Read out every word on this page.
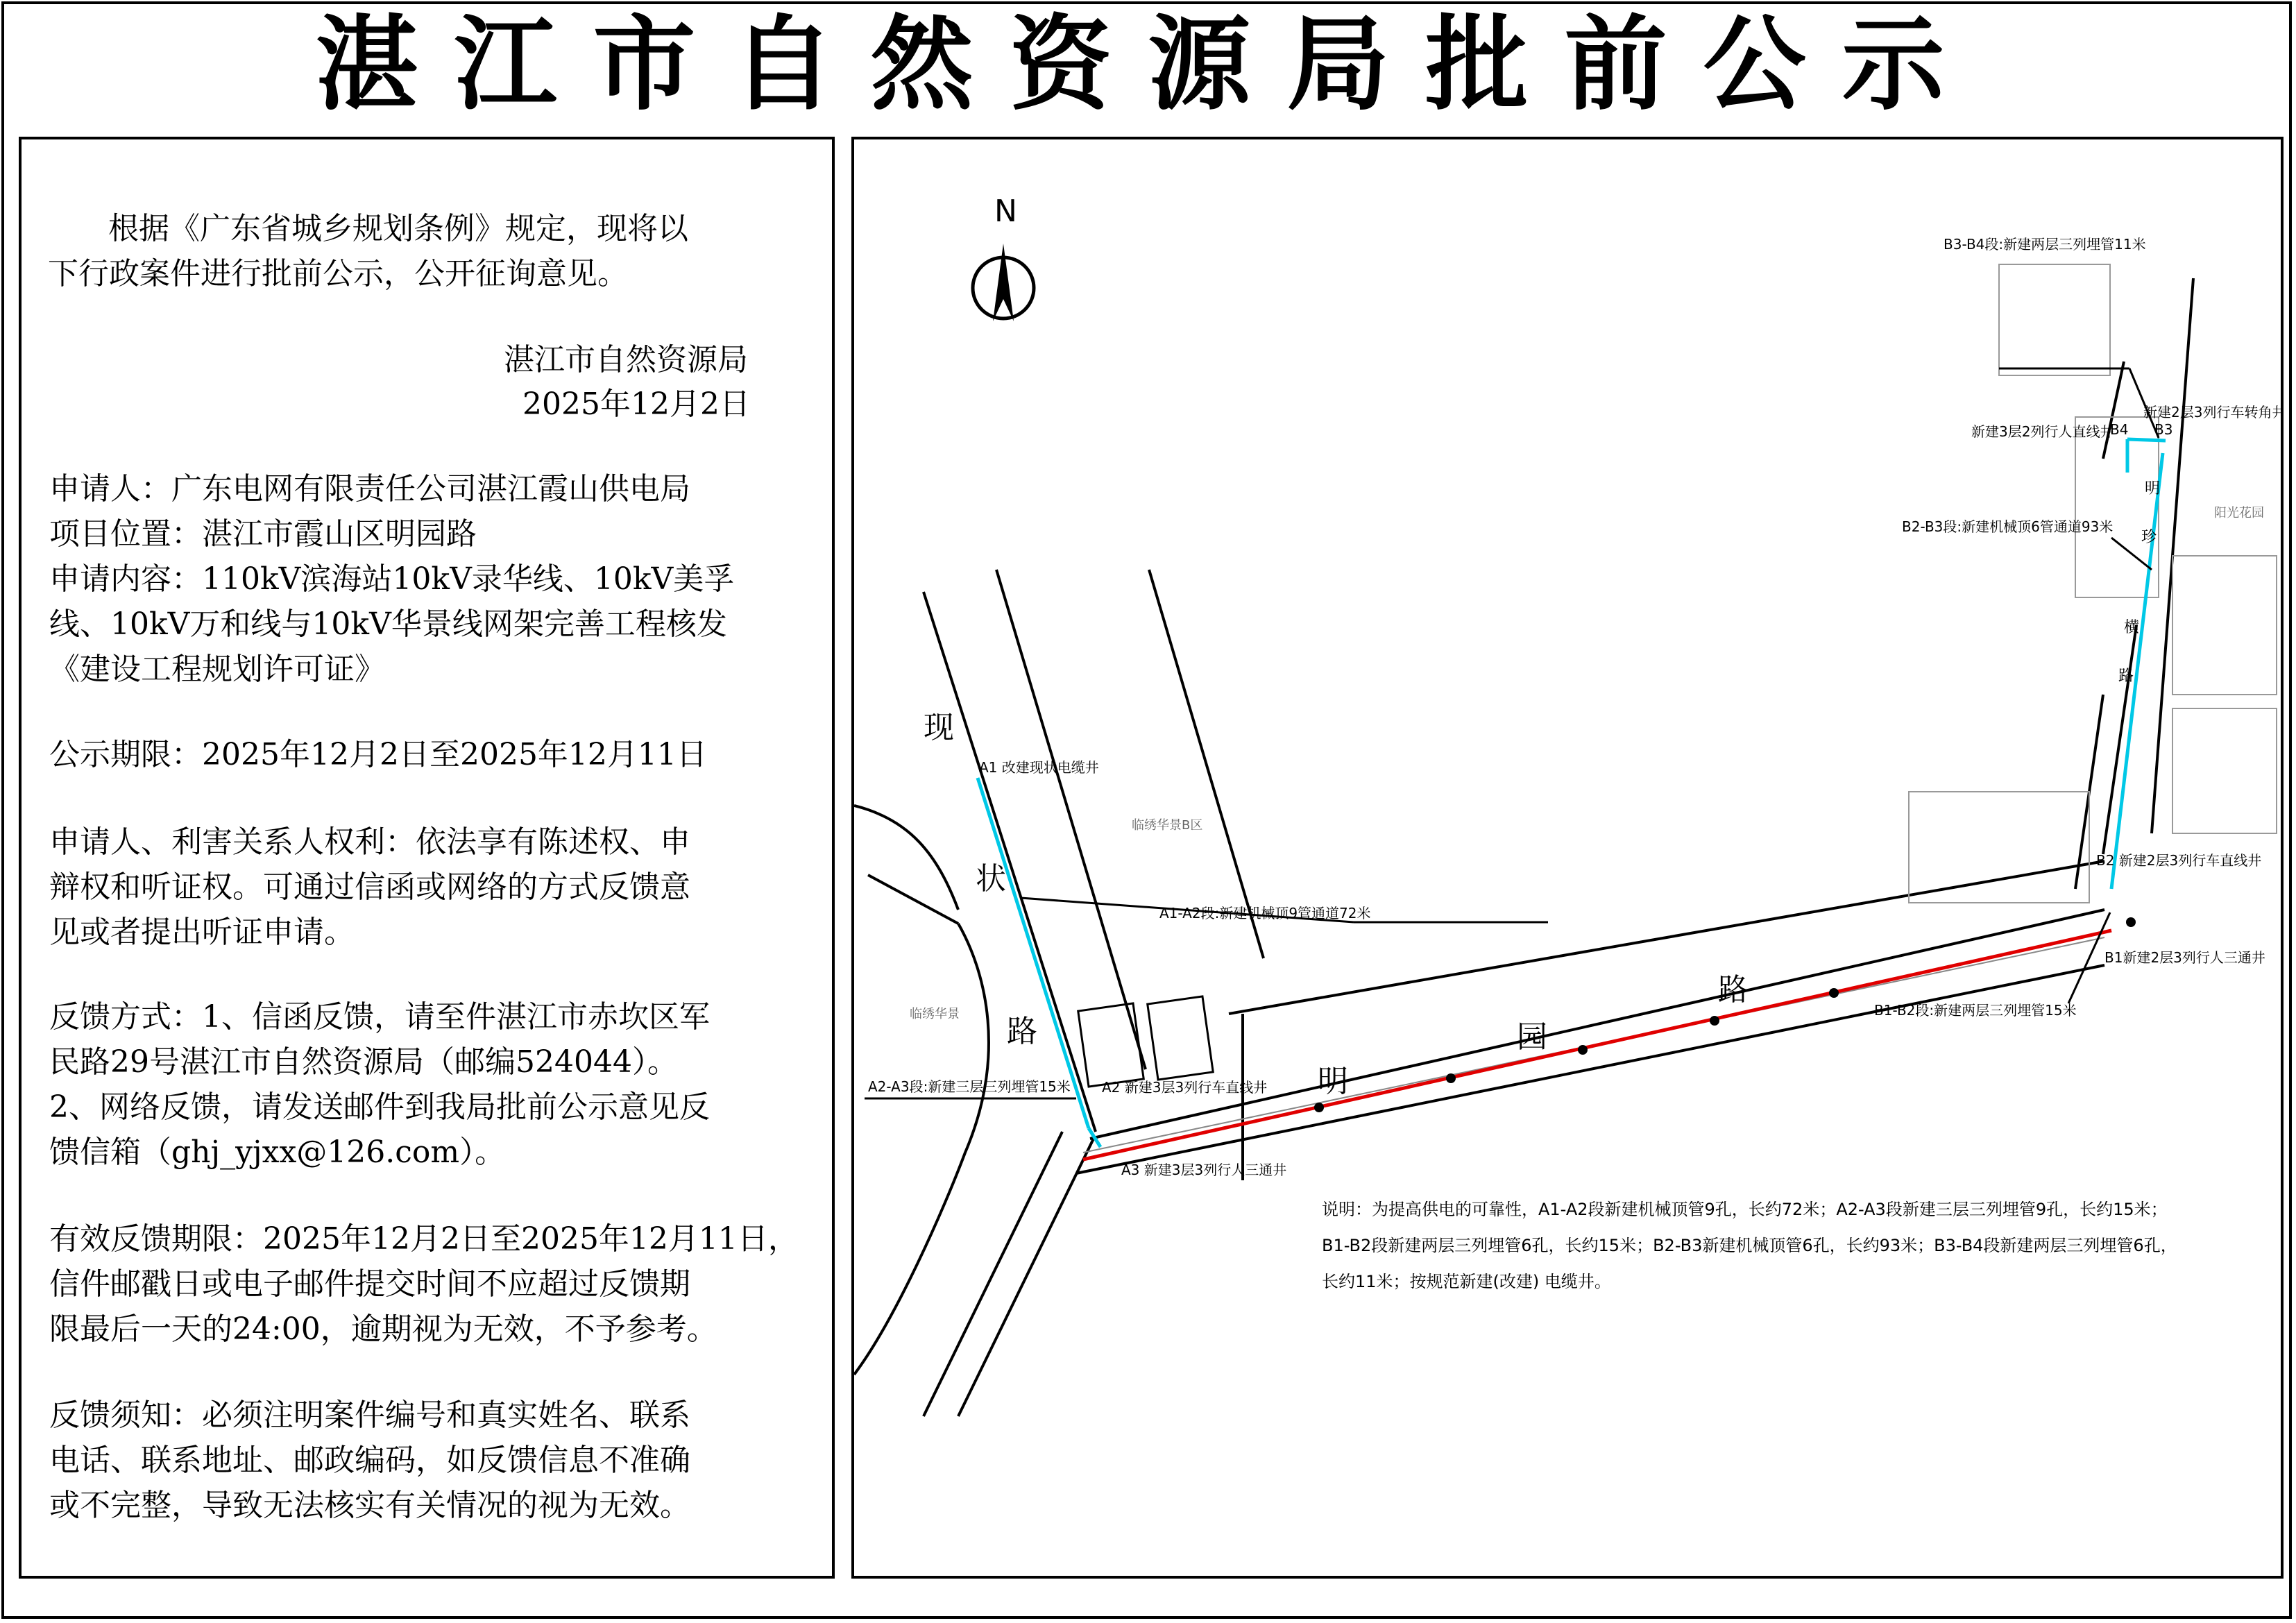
湛江市自然资源局批前公示
根据《广东省城乡规划条例》规定，现将以
下行政案件进行批前公示，公开征询意见。
湛江市自然资源局
2025年12月2日
申请人：广东电网有限责任公司湛江霞山供电局
项目位置：湛江市霞山区明园路
申请内容：110kV滨海站10kV录华线、10kV美孚
线、10kV万和线与10kV华景线网架完善工程核发
《建设工程规划许可证》
公示期限：2025年12月2日至2025年12月11日
申请人、利害关系人权利：依法享有陈述权、申
辩权和听证权。可通过信函或网络的方式反馈意
见或者提出听证申请。
反馈方式：1、信函反馈，请至件湛江市赤坎区军
民路29号湛江市自然资源局（邮编524044）。
2、网络反馈，请发送邮件到我局批前公示意见反
馈信箱（ghj_yjxx@126.com）。
有效反馈期限：2025年12月2日至2025年12月11日，
信件邮戳日或电子邮件提交时间不应超过反馈期
限最后一天的24:00，逾期视为无效，不予参考。
反馈须知：必须注明案件编号和真实姓名、联系
电话、联系地址、邮政编码，如反馈信息不准确
或不完整，导致无法核实有关情况的视为无效。
N
现
状
路
明
园
路
明
珍
横
路
临绣华景B区
临绣华景
阳光花园
A1 改建现状电缆井
A1-A2段:新建机械顶9管通道72米
A2 新建3层3列行车直线井
A2-A3段:新建三层三列埋管15米
A3 新建3层3列行人三通井
B1新建2层3列行人三通井
B1-B2段:新建两层三列埋管15米
B2 新建2层3列行车直线井
B2-B3段:新建机械顶6管通道93米
B3
新建2层3列行车转角井
B4
新建3层2列行人直线井
B3-B4段:新建两层三列埋管11米
说明：为提高供电的可靠性，A1-A2段新建机械顶管9孔，长约72米；A2-A3段新建三层三列埋管9孔，长约15米；
B1-B2段新建两层三列埋管6孔，长约15米；B2-B3新建机械顶管6孔，长约93米；B3-B4段新建两层三列埋管6孔，
长约11米；按规范新建(改建) 电缆井。
